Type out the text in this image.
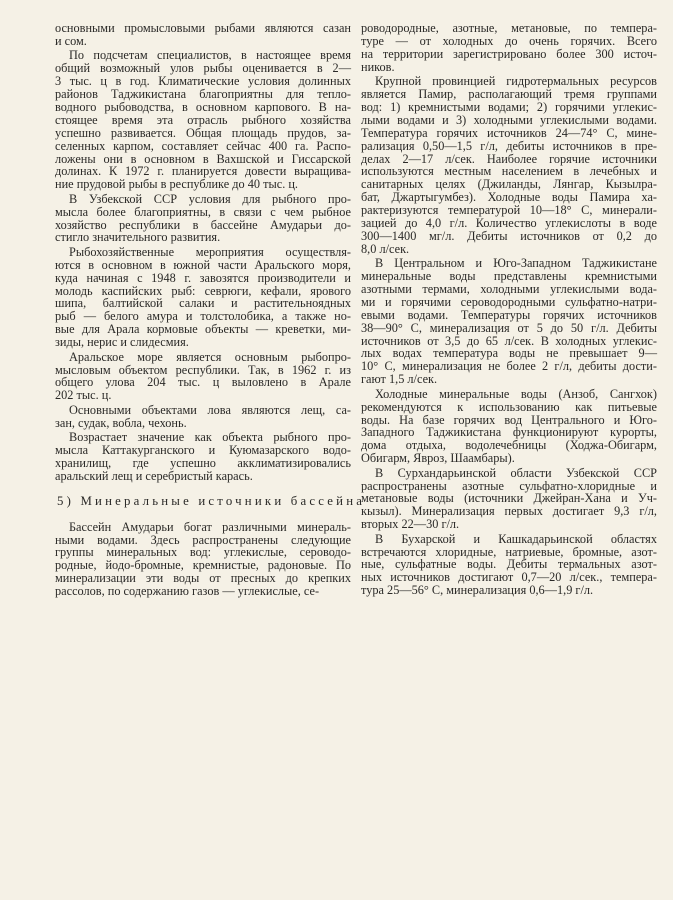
основными промысловыми рыбами являются сазан
и сом.
По подсчетам специалистов, в настоящее время
общий возможный улов рыбы оценивается в 2—
3 тыс. ц в год. Климатические условия долинных
районов Таджикистана благоприятны для тепло-
водного рыбоводства, в основном карпового. В на-
стоящее время эта отрасль рыбного хозяйства
успешно развивается. Общая площадь прудов, за-
селенных карпом, составляет сейчас 400 га. Распо-
ложены они в основном в Вахшской и Гиссарской
долинах. К 1972 г. планируется довести выращива-
ние прудовой рыбы в республике до 40 тыс. ц.
В Узбекской ССР условия для рыбного про-
мысла более благоприятны, в связи с чем рыбное
хозяйство республики в бассейне Амударьи до-
стигло значительного развития.
Рыбохозяйственные мероприятия осуществля-
ются в основном в южной части Аральского моря,
куда начиная с 1948 г. завозятся производители и
молодь каспийских рыб: севрюги, кефали, ярового
шипа, балтийской салаки и растительноядных
рыб — белого амура и толстолобика, а также но-
вые для Арала кормовые объекты — креветки, ми-
зиды, нерис и слидесмия.
Аральское море является основным рыбопро-
мысловым объектом республики. Так, в 1962 г. из
общего улова 204 тыс. ц выловлено в Арале
202 тыс. ц.
Основными объектами лова являются лещ, са-
зан, судак, вобла, чехонь.
Возрастает значение как объекта рыбного про-
мысла Каттакурганского и Куюмазарского водо-
хранилищ, где успешно акклиматизировались
аральский лещ и серебристый карась.
5) Минеральные источники бассейна
Бассейн Амударьи богат различными минераль-
ными водами. Здесь распространены следующие
группы минеральных вод: углекислые, сероводо-
родные, йодо-бромные, кремнистые, радоновые. По
минерализации эти воды от пресных до крепких
рассолов, по содержанию газов — углекислые, се-
роводородные, азотные, метановые, по темпера-
туре — от холодных до очень горячих. Всего
на территории зарегистрировано более 300 источ-
ников.
Крупной провинцией гидротермальных ресурсов
является Памир, располагающий тремя группами
вод: 1) кремнистыми водами; 2) горячими углекис-
лыми водами и 3) холодными углекислыми водами.
Температура горячих источников 24—74° С, мине-
рализация 0,50—1,5 г/л, дебиты источников в пре-
делах 2—17 л/сек. Наиболее горячие источники
используются местным населением в лечебных и
санитарных целях (Джиланды, Лянгар, Кызылра-
бат, Джартыгумбез). Холодные воды Памира ха-
рактеризуются температурой 10—18° С, минерали-
зацией до 4,0 г/л. Количество углекислоты в воде
300—1400 мг/л. Дебиты источников от 0,2 до
8,0 л/сек.
В Центральном и Юго-Западном Таджикистане
минеральные воды представлены кремнистыми
азотными термами, холодными углекислыми вода-
ми и горячими сероводородными сульфатно-натри-
евыми водами. Температуры горячих источников
38—90° С, минерализация от 5 до 50 г/л. Дебиты
источников от 3,5 до 65 л/сек. В холодных углекис-
лых водах температура воды не превышает 9—
10° С, минерализация не более 2 г/л, дебиты дости-
гают 1,5 л/сек.
Холодные минеральные воды (Анзоб, Сангхок)
рекомендуются к использованию как питьевые
воды. На базе горячих вод Центрального и Юго-
Западного Таджикистана функционируют курорты,
дома отдыха, водолечебницы (Ходжа-Обигарм,
Обигарм, Явроз, Шаамбары).
В Сурхандарьинской области Узбекской ССР
распространены азотные сульфатно-хлоридные и
метановые воды (источники Джейран-Хана и Уч-
кызыл). Минерализация первых достигает 9,3 г/л,
вторых 22—30 г/л.
В Бухарской и Кашкадарьинской областях
встречаются хлоридные, натриевые, бромные, азот-
ные, сульфатные воды. Дебиты термальных азот-
ных источников достигают 0,7—20 л/сек., темпера-
тура 25—56° С, минерализация 0,6—1,9 г/л.
